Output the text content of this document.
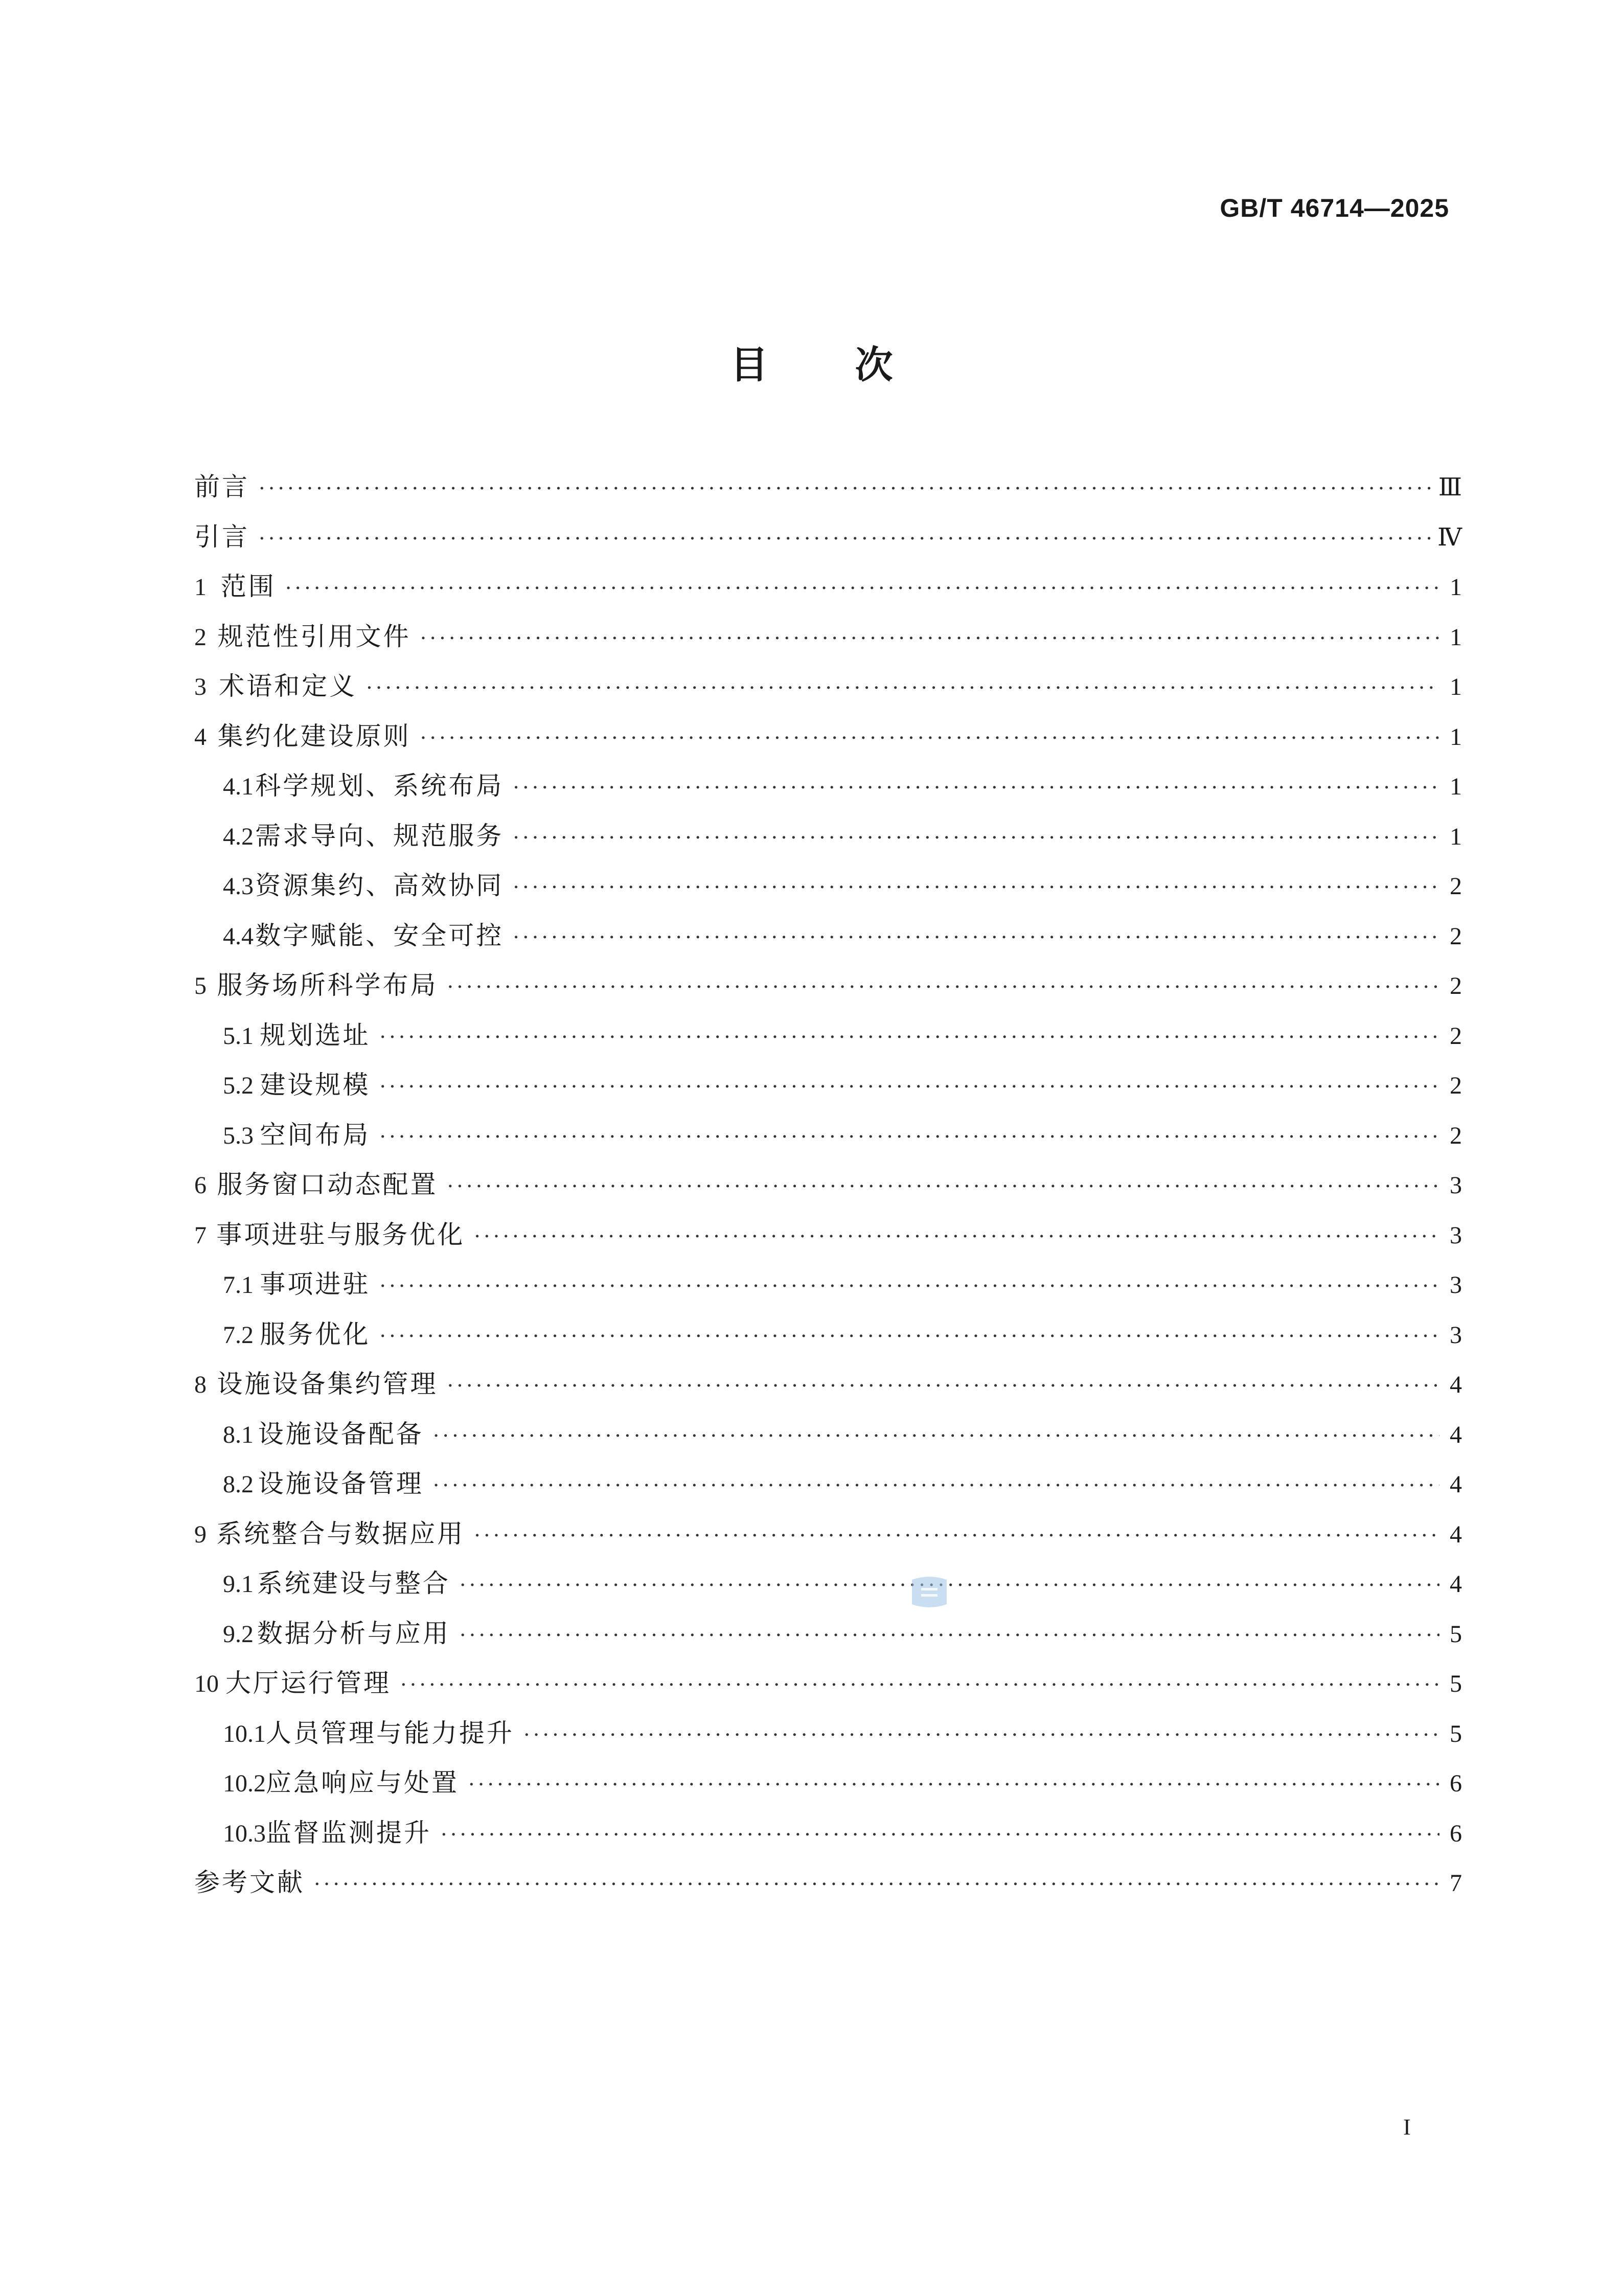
GB/T 46714—2025
目次
前言 ·····	Ⅲ
引言 ·····	Ⅳ
1 范围 ·····	1
2 规范性引用文件 ·····	1
3 术语和定义 ·····	1
4 集约化建设原则 ·····	1
4.1 科学规划、系统布局 ·····	1
4.2 需求导向、规范服务 ·····	1
4.3 资源集约、高效协同 ·····	2
4.4 数字赋能、安全可控 ·····	2
5 服务场所科学布局 ·····	2
5.1 规划选址 ·····	2
5.2 建设规模 ·····	2
5.3 空间布局 ·····	2
6 服务窗口动态配置 ·····	3
7 事项进驻与服务优化 ·····	3
7.1 事项进驻 ·····	3
7.2 服务优化 ·····	3
8 设施设备集约管理 ·····	4
8.1 设施设备配备 ·····	4
8.2 设施设备管理 ·····	4
9 系统整合与数据应用 ·····	4
9.1 系统建设与整合 ·····	4
9.2 数据分析与应用 ·····	5
10 大厅运行管理 ·····	5
10.1 人员管理与能力提升 ·····	5
10.2 应急响应与处置 ·····	6
10.3 监督监测提升 ·····	6
参考文献 ·····	7
I
